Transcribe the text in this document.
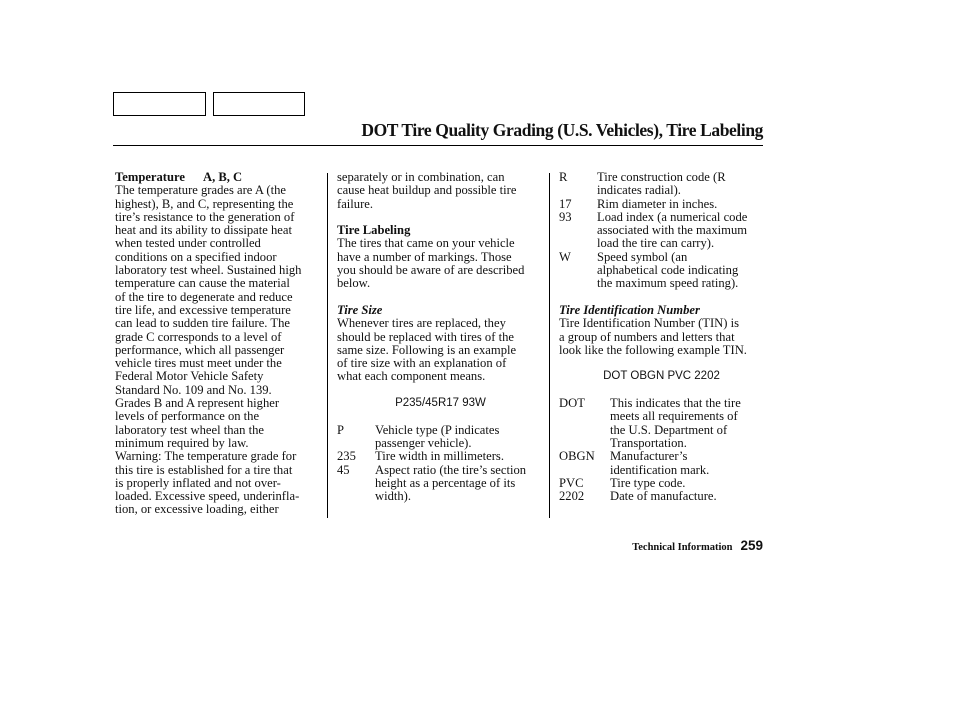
DOT Tire Quality Grading (U.S. Vehicles), Tire Labeling

Temperature A, B, C

The temperature grades are A (the

highest), B, and C, representing the

tire’s resistance to the generation of

heat and its ability to dissipate heat

when tested under controlled

conditions on a specified indoor

laboratory test wheel. Sustained high

temperature can cause the material

of the tire to degenerate and reduce

tire life, and excessive temperature

can lead to sudden tire failure. The

grade C corresponds to a level of

performance, which all passenger

vehicle tires must meet under the

Federal Motor Vehicle Safety

Standard No. 109 and No. 139.

Grades B and A represent higher

levels of performance on the

laboratory test wheel than the

minimum required by law.

Warning: The temperature grade for

this tire is established for a tire that

is properly inflated and not over-

loaded. Excessive speed, underinfla-

tion, or excessive loading, either

separately or in combination, can

cause heat buildup and possible tire

failure.

Tire Labeling

The tires that came on your vehicle

have a number of markings. Those

you should be aware of are described

below.

Tire Size

Whenever tires are replaced, they

should be replaced with tires of the

same size. Following is an example

of tire size with an explanation of

what each component means.

P235/45R17 93W

P	Vehicle type (P indicates

passenger vehicle).

235	Tire width in millimeters.

45	Aspect ratio (the tire’s section

height as a percentage of its

width).

R	Tire construction code (R

indicates radial).

17	Rim diameter in inches.

93	Load index (a numerical code

associated with the maximum

load the tire can carry).

W	Speed symbol (an

alphabetical code indicating

the maximum speed rating).

Tire Identification Number

Tire Identification Number (TIN) is

a group of numbers and letters that

look like the following example TIN.

DOT OBGN PVC 2202

DOT	This indicates that the tire

meets all requirements of

the U.S. Department of

Transportation.

OBGN	Manufacturer’s

identification mark.

PVC	Tire type code.

2202	Date of manufacture.

Technical Information 259
